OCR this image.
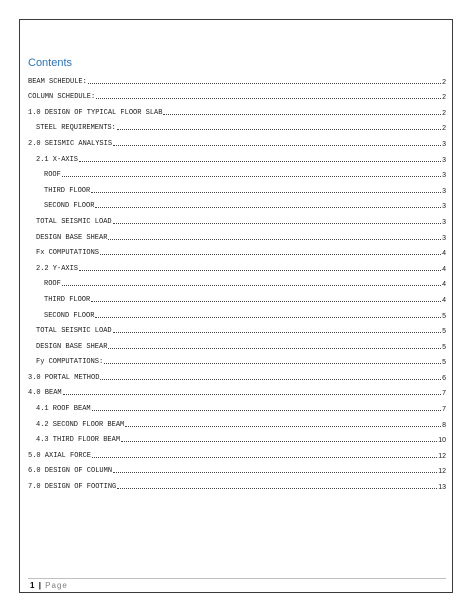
Contents
BEAM SCHEDULE:	2
COLUMN SCHEDULE:	2
1.0 DESIGN OF TYPICAL FLOOR SLAB	2
STEEL REQUIREMENTS:	2
2.0 SEISMIC ANALYSIS	3
2.1 X-AXIS	3
ROOF	3
THIRD FLOOR	3
SECOND FLOOR	3
TOTAL SEISMIC LOAD	3
DESIGN BASE SHEAR	3
Fx COMPUTATIONS	4
2.2 Y-AXIS	4
ROOF	4
THIRD FLOOR	4
SECOND FLOOR	5
TOTAL SEISMIC LOAD	5
DESIGN BASE SHEAR	5
Fy COMPUTATIONS:	5
3.0 PORTAL METHOD	6
4.0 BEAM	7
4.1 ROOF BEAM	7
4.2 SECOND FLOOR BEAM	8
4.3 THIRD FLOOR BEAM	10
5.0 AXIAL FORCE	12
6.0 DESIGN OF COLUMN	12
7.0 DESIGN OF FOOTING	13
1 | Page
